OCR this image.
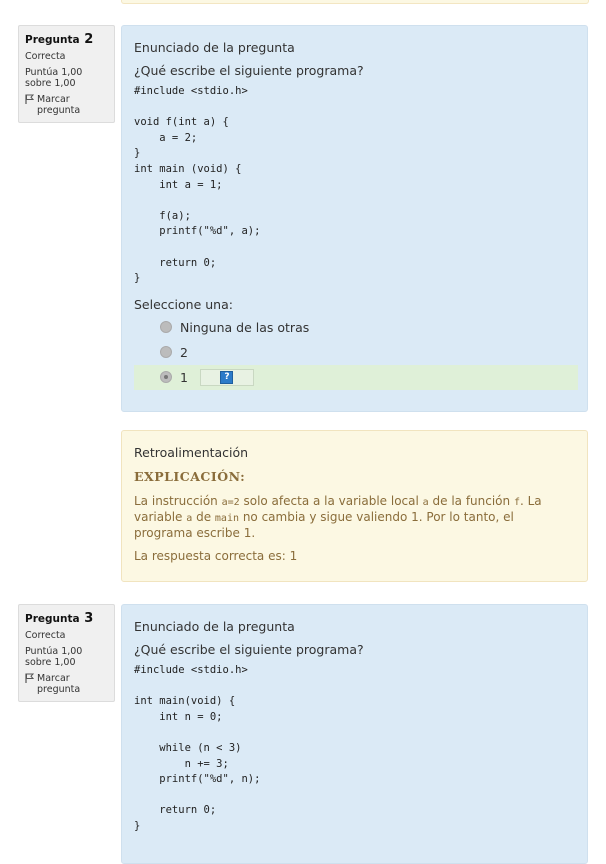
Pregunta 2
Correcta
Puntúa 1,00
sobre 1,00
Marcar
pregunta
Enunciado de la pregunta
¿Qué escribe el siguiente programa?
#include <stdio.h>

void f(int a) {
a = 2;
}
int main (void) {
int a = 1;

f(a);
printf("%d", a);

return 0;
}
Seleccione una:
Ninguna de las otras
2
1	?
Retroalimentación
EXPLICACIÓN:
La instrucción a=2 solo afecta a la variable local a de la función f. La variable a de main no cambia y sigue valiendo 1. Por lo tanto, el programa escribe 1.
La respuesta correcta es: 1
Pregunta 3
Correcta
Puntúa 1,00
sobre 1,00
Marcar
pregunta
Enunciado de la pregunta
¿Qué escribe el siguiente programa?
#include <stdio.h>

int main(void) {
int n = 0;

while (n < 3)
n += 3;
printf("%d", n);

return 0;
}
